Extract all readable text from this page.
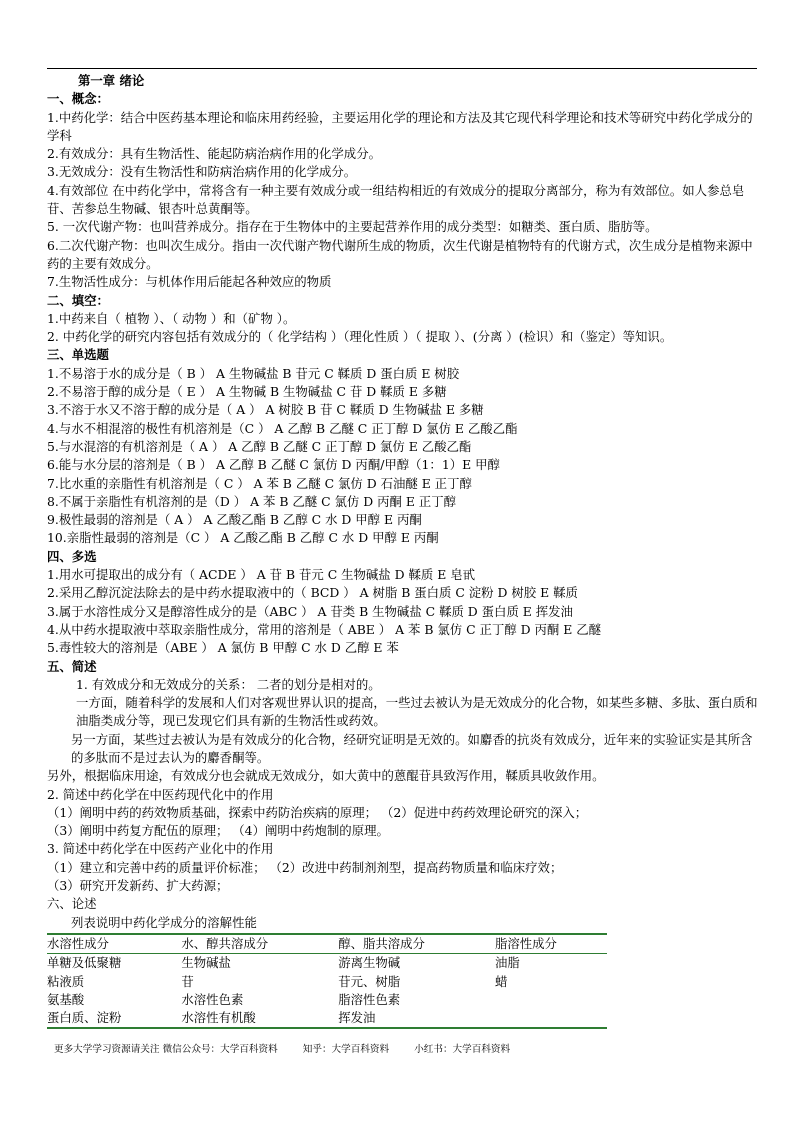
第一章 绪论
一、概念：
1.中药化学：结合中医药基本理论和临床用药经验，主要运用化学的理论和方法及其它现代科学理论和技术等研究中药化学成分的学科
2.有效成分：具有生物活性、能起防病治病作用的化学成分。
3.无效成分：没有生物活性和防病治病作用的化学成分。
4.有效部位 在中药化学中，常将含有一种主要有效成分或一组结构相近的有效成分的提取分离部分，称为有效部位。如人参总皂苷、苦参总生物碱、银杏叶总黄酮等。
5. 一次代谢产物：也叫营养成分。指存在于生物体中的主要起营养作用的成分类型：如糖类、蛋白质、脂肪等。
6.二次代谢产物：也叫次生成分。指由一次代谢产物代谢所生成的物质，次生代谢是植物特有的代谢方式，次生成分是植物来源中药的主要有效成分。
7.生物活性成分：与机体作用后能起各种效应的物质
二、填空：
1.中药来自（ 植物 ）、（ 动物 ）和（矿物 ）。
2. 中药化学的研究内容包括有效成分的（ 化学结构 ）（理化性质 ）（ 提取 ）、(分离 ）(检识）和（鉴定）等知识。
三、单选题
1.不易溶于水的成分是（ B ） A 生物碱盐 B 苷元 C 鞣质 D 蛋白质 E 树胶
2.不易溶于醇的成分是（ E ） A 生物碱 B 生物碱盐 C 苷 D 鞣质 E 多糖
3.不溶于水又不溶于醇的成分是（ A ） A 树胶 B 苷 C 鞣质 D 生物碱盐 E 多糖
4.与水不相混溶的极性有机溶剂是（C ） A 乙醇 B 乙醚 C 正丁醇 D 氯仿 E 乙酸乙酯
5.与水混溶的有机溶剂是（ A ） A 乙醇 B 乙醚 C 正丁醇 D 氯仿 E 乙酸乙酯
6.能与水分层的溶剂是（ B ） A 乙醇 B 乙醚 C 氯仿 D 丙酮/甲醇（1：1）E 甲醇
7.比水重的亲脂性有机溶剂是（ C ） A 苯 B 乙醚 C 氯仿 D 石油醚 E 正丁醇
8.不属于亲脂性有机溶剂的是（D ） A 苯 B 乙醚 C 氯仿 D 丙酮 E 正丁醇
9.极性最弱的溶剂是（ A ） A 乙酸乙酯 B 乙醇 C 水 D 甲醇 E 丙酮
10.亲脂性最弱的溶剂是（C ） A 乙酸乙酯 B 乙醇 C 水 D 甲醇 E 丙酮
四、多选
1.用水可提取出的成分有（ ACDE ） A 苷 B 苷元 C 生物碱盐 D 鞣质 E 皂甙
2.采用乙醇沉淀法除去的是中药水提取液中的（ BCD ） A 树脂 B 蛋白质 C 淀粉 D 树胶 E 鞣质
3.属于水溶性成分又是醇溶性成分的是（ABC ） A 苷类 B 生物碱盐 C 鞣质 D 蛋白质 E 挥发油
4.从中药水提取液中萃取亲脂性成分，常用的溶剂是（ ABE ） A 苯 B 氯仿 C 正丁醇 D 丙酮 E 乙醚
5.毒性较大的溶剂是（ABE ） A 氯仿 B 甲醇 C 水 D 乙醇 E 苯
五、简述
1. 有效成分和无效成分的关系： 二者的划分是相对的。
一方面，随着科学的发展和人们对客观世界认识的提高，一些过去被认为是无效成分的化合物，如某些多糖、多肽、蛋白质和油脂类成分等，现已发现它们具有新的生物活性或药效。
另一方面，某些过去被认为是有效成分的化合物，经研究证明是无效的。如麝香的抗炎有效成分，近年来的实验证实是其所含的多肽而不是过去认为的麝香酮等。
另外，根据临床用途，有效成分也会就成无效成分，如大黄中的蒽醌苷具致泻作用，鞣质具收敛作用。
2. 简述中药化学在中医药现代化中的作用
（1）阐明中药的药效物质基础，探索中药防治疾病的原理； （2）促进中药药效理论研究的深入；
（3）阐明中药复方配伍的原理； （4）阐明中药炮制的原理。
3. 简述中药化学在中医药产业化中的作用
（1）建立和完善中药的质量评价标准； （2）改进中药制剂剂型，提高药物质量和临床疗效；
（3）研究开发新药、扩大药源；
六、论述
列表说明中药化学成分的溶解性能
水溶性成分	水、醇共溶成分	醇、脂共溶成分	脂溶性成分
单糖及低聚糖	生物碱盐	游离生物碱	油脂
粘液质	苷	苷元、树脂	蜡
氨基酸	水溶性色素	脂溶性色素	
蛋白质、淀粉	水溶性有机酸	挥发油	
更多大学学习资源请关注 微信公众号：大学百科资料	知乎：大学百科资料	小红书：大学百科资料
